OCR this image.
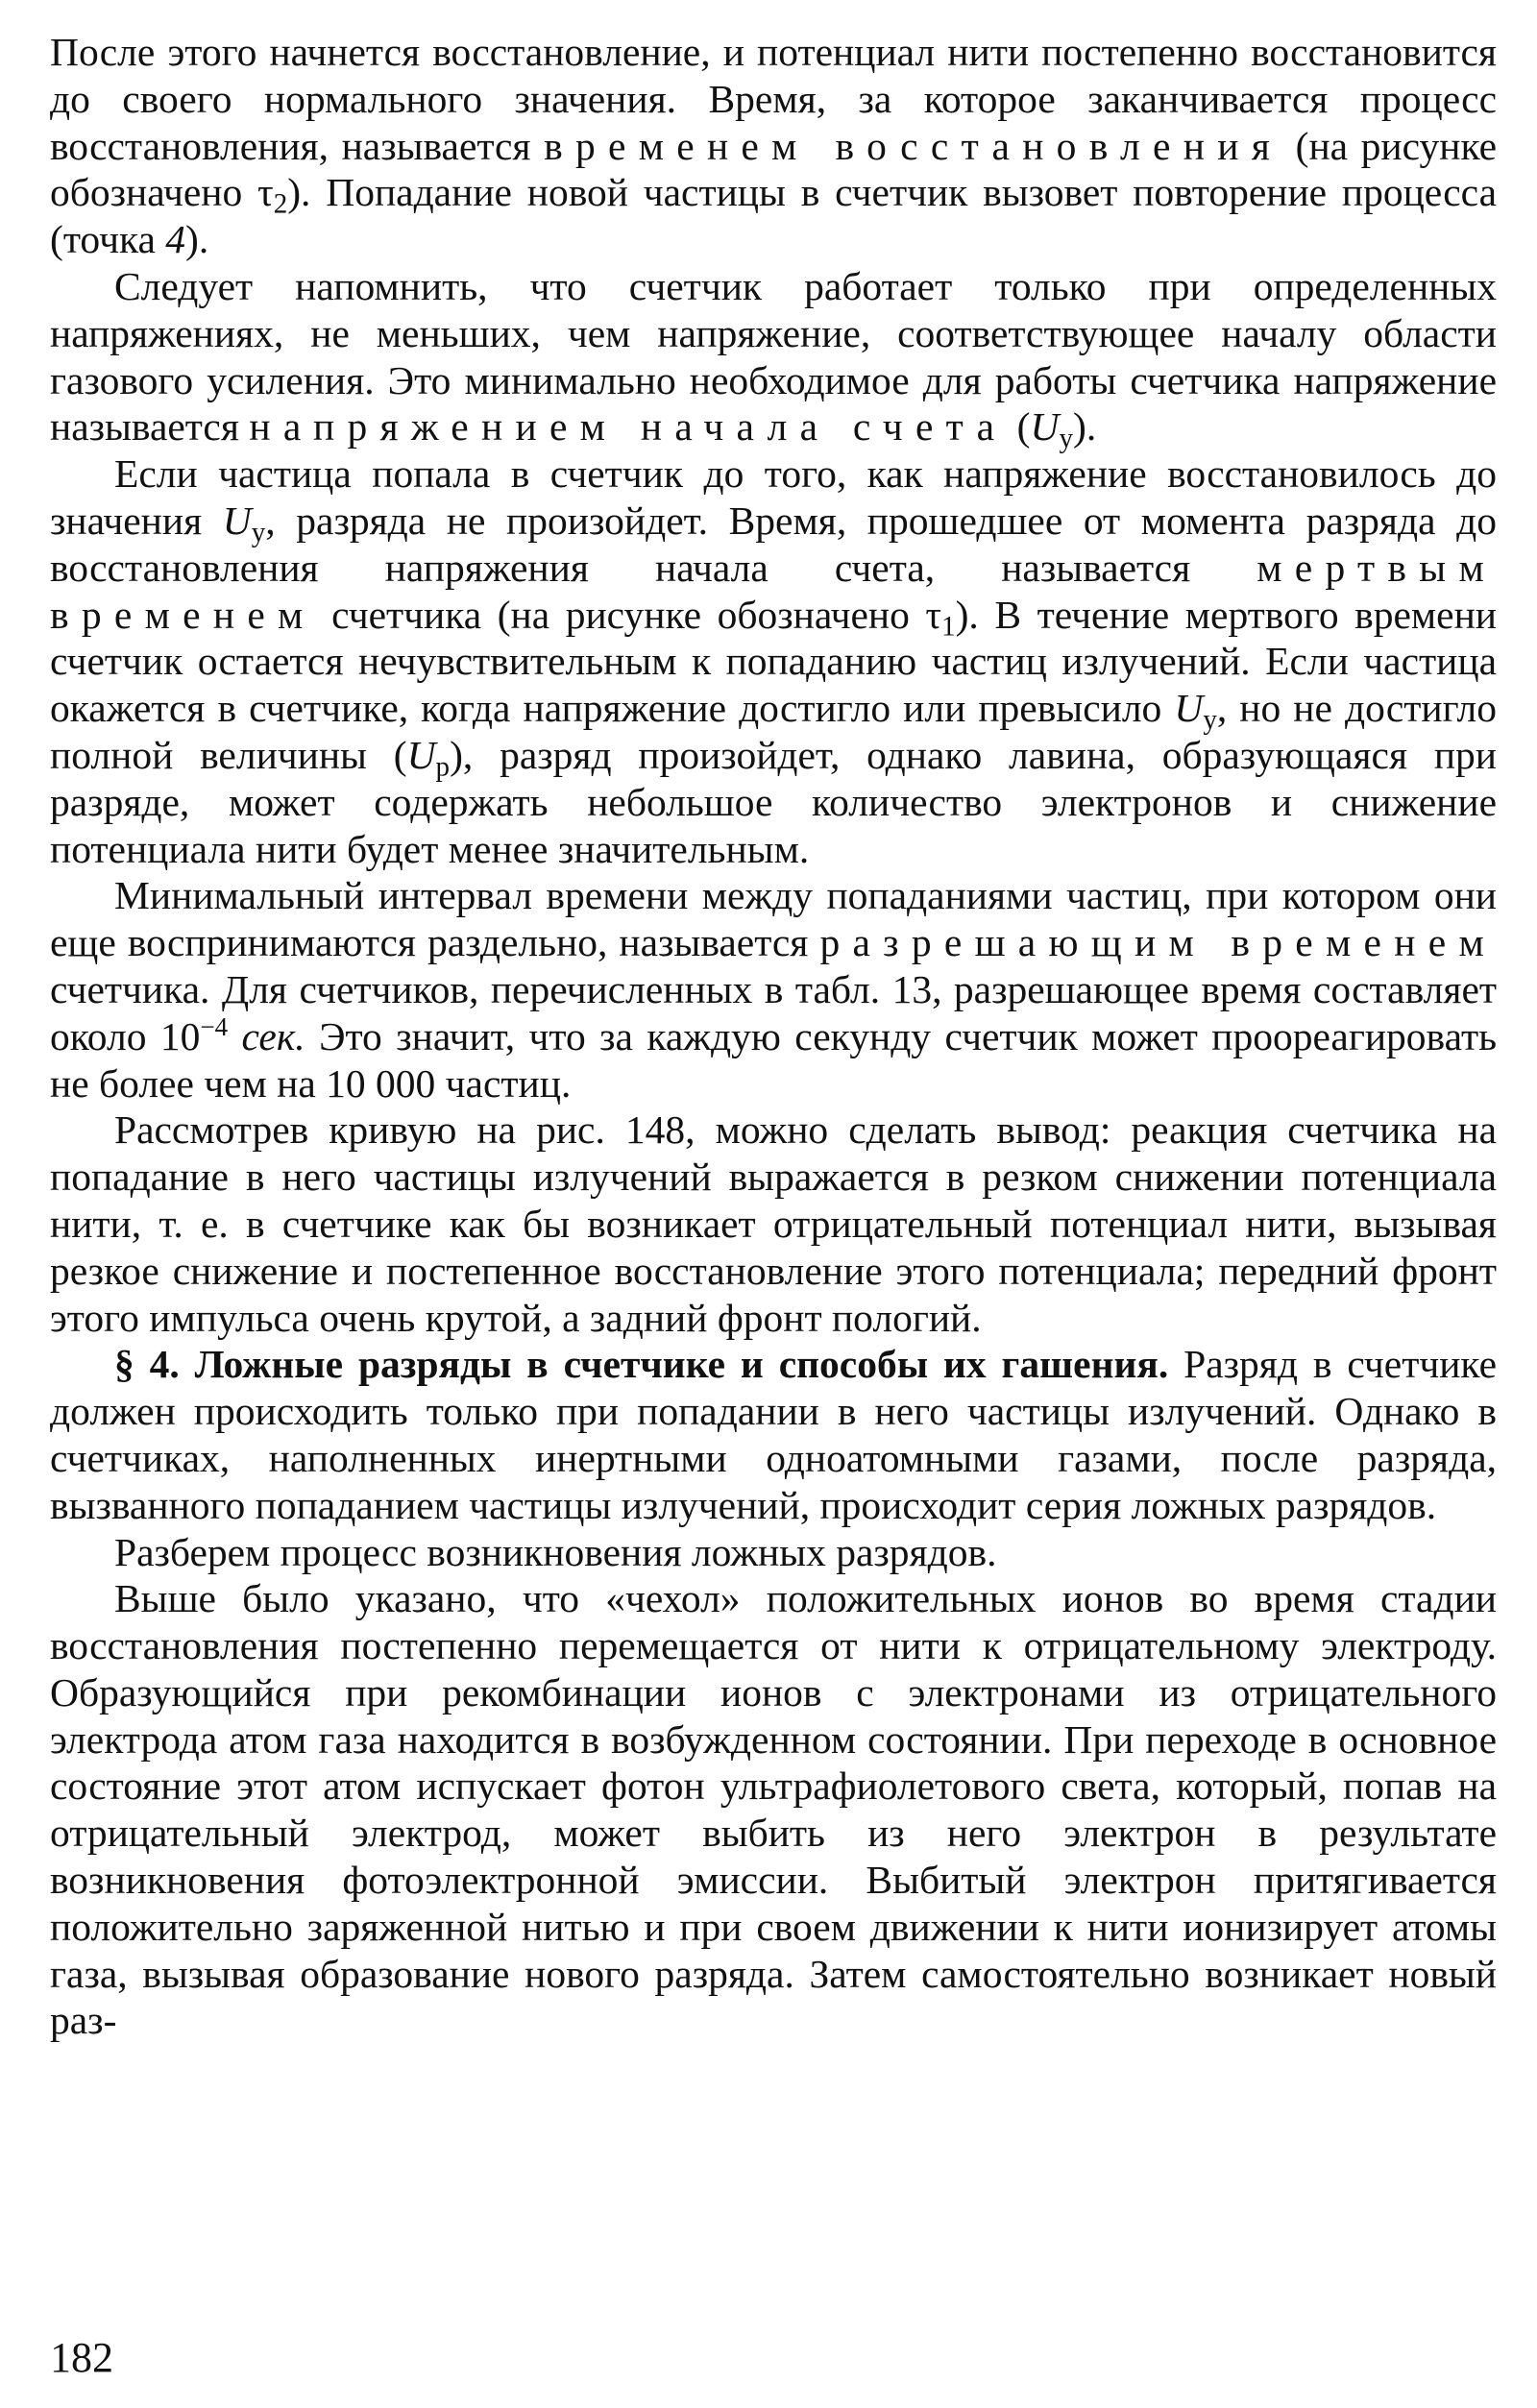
После этого начнется восстановление, и потенциал нити постепенно восстановится до своего нормального значения. Время, за которое заканчивается процесс восстановления, называется временем восстановления (на рисунке обозначено $\tau_2$). Попадание новой частицы в счетчик вызовет повторение процесса (точка 4).

Следует напомнить, что счетчик работает только при определенных напряжениях, не меньших, чем напряжение, соответствующее началу области газового усиления. Это минимально необходимое для работы счетчика напряжение называется напряжением начала счета $(U_у)$.

Если частица попала в счетчик до того, как напряжение восстановилось до значения $U_у$, разряда не произойдет. Время, прошедшее от момента разряда до восстановления напряжения начала счета, называется мертвым временем счетчика (на рисунке обозначено $\tau_1$). В течение мертвого времени счетчик остается нечувствительным к попаданию частиц излучений. Если частица окажется в счетчике, когда напряжение достигло или превысило $U_у$, но не достигло полной величины $(U_р)$, разряд произойдет, однако лавина, образующаяся при разряде, может содержать небольшое количество электронов и снижение потенциала нити будет менее значительным.

Минимальный интервал времени между попаданиями частиц, при котором они еще воспринимаются раздельно, называется разрешающим временем счетчика. Для счетчиков, перечисленных в табл. 13, разрешающее время составляет около $10^{-4}$ сек. Это значит, что за каждую секунду счетчик может проореагировать не более чем на 10 000 частиц.

Рассмотрев кривую на рис. 148, можно сделать вывод: реакция счетчика на попадание в него частицы излучений выражается в резком снижении потенциала нити, т. е. в счетчике как бы возникает отрицательный потенциал нити, вызывая резкое снижение и постепенное восстановление этого потенциала; передний фронт этого импульса очень крутой, а задний фронт пологий.

§ 4. Ложные разряды в счетчике и способы их гашения. Разряд в счетчике должен происходить только при попадании в него частицы излучений. Однако в счетчиках, наполненных инертными одноатомными газами, после разряда, вызванного попаданием частицы излучений, происходит серия ложных разрядов.

Разберем процесс возникновения ложных разрядов.

Выше было указано, что «чехол» положительных ионов во время стадии восстановления постепенно перемещается от нити к отрицательному электроду. Образующийся при рекомбинации ионов с электронами из отрицательного электрода атом газа находится в возбужденном состоянии. При переходе в основное состояние этот атом испускает фотон ультрафиолетового света, который, попав на отрицательный электрод, может выбить из него электрон в результате возникновения фотоэлектронной эмиссии. Выбитый электрон притягивается положительно заряженной нитью и при своем движении к нити ионизирует атомы газа, вызывая образование нового разряда. Затем самостоятельно возникает новый раз-

182
